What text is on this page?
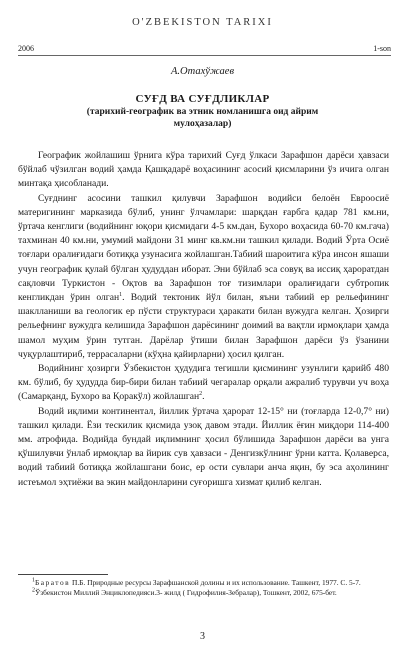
O'ZBEKISTON TARIXI
2006	1-son
А.Отахўжаев
СУҒД ВА СУҒДЛИКЛАР
(тарихий-географик ва этник номланишга оид айрим мулоҳазалар)

Географик жойлашиш ўрнига кўра тарихий Суғд ўлкаси Зарафшон дарёси ҳавзаси бўйлаб чўзилган водий ҳамда Қашқадарё воҳасининг асосий қисмларини ўз ичига олган минтақа ҳисобланади.

Суғднинг асосини ташкил қилувчи Зарафшон водийси белоён Евроосиё материгининг марказида бўлиб, унинг ўлчамлари: шарқдан ғарбга қадар 781 км.ни, ўртача кенглиги (водийнинг юқори қисмидаги 4-5 км.дан, Бухоро воҳасида 60-70 км.гача) тахминан 40 км.ни, умумий майдони 31 минг кв.км.ни ташкил қилади. Водий Ўрта Осиё тоғлари оралиғидаги ботиққа узунасига жойлашган.Табиий шароитига кўра инсон яшаши учун географик қулай бўлган ҳудуддан иборат. Эни бўйлаб эса совуқ ва иссиқ ҳароратдан сақловчи Туркистон - Оқтов ва Зарафшон тоғ тизимлари оралиғидаги субтропик кенгликдан ўрин олган$^1$. Водий тектоник йўл билан, яъни табиий ер рельефининг шаклланиши ва геологик ер пўсти структураси ҳаракати билан вужудга келган. Ҳозирги рельефнинг вужудга келишида Зарафшон дарёсининг доимий ва вақтли ирмоқлари ҳамда шамол муҳим ўрин тутган. Дарёлар ўтиши билан Зарафшон дарёси ўз ўзанини чуқурлаштириб, террасаларни (кўҳна қайирларни) ҳосил қилган.

Водийнинг ҳозирги Ўзбекистон ҳудудига тегишли қисмининг узунлиги қарийб 480 км. бўлиб, бу ҳудудда бир-бири билан табиий чегаралар орқали ажралиб турувчи уч воҳа (Самарқанд, Бухоро ва Қоракўл) жойлашган$^2$.

Водий иқлими континентал, йиллик ўртача ҳарорат 12-15° ни (тоғларда 12-0,7° ни) ташкил қилади. Ёзи тескилик қисмида узоқ давом этади. Йиллик ёғин миқдори 114-400 мм. атрофида. Водийда бундай иқлимнинг ҳосил бўлишида Зарафшон дарёси ва унга қўшилувчи ўнлаб ирмоқлар ва йирик сув ҳавзаси - Денгизкўлнинг ўрни катта. Қолаверса, водий табиий ботиққа жойлашгани боис, ер ости сувлари анча яқин, бу эса аҳолининг истеъмол эҳтиёжи ва экин майдонларини суғоришга хизмат қилиб келган.

$^1$Баратов П.Б. Природные ресурсы Зарафшанской долины и их использование. Ташкент, 1977. С. 5-7.

$^2$Ўзбекистон Миллий Энциклопедияси.3- жилд ( Гидрофилия-Зебралар), Тошкент, 2002, 675-бет.

3
